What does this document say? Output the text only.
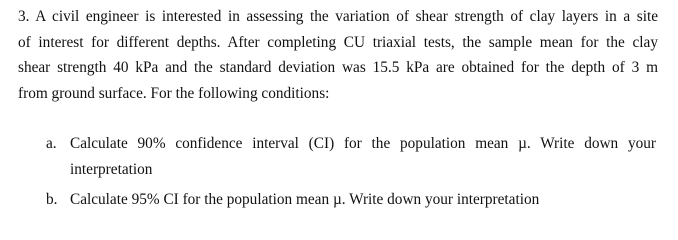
3. A civil engineer is interested in assessing the variation of shear strength of clay layers in a site
of interest for different depths. After completing CU triaxial tests, the sample mean for the clay
shear strength 40 kPa and the standard deviation was 15.5 kPa are obtained for the depth of 3 m
from ground surface. For the following conditions:
a. Calculate 90% confidence interval (CI) for the population mean µ. Write down your
interpretation
b. Calculate 95% CI for the population mean µ. Write down your interpretation
